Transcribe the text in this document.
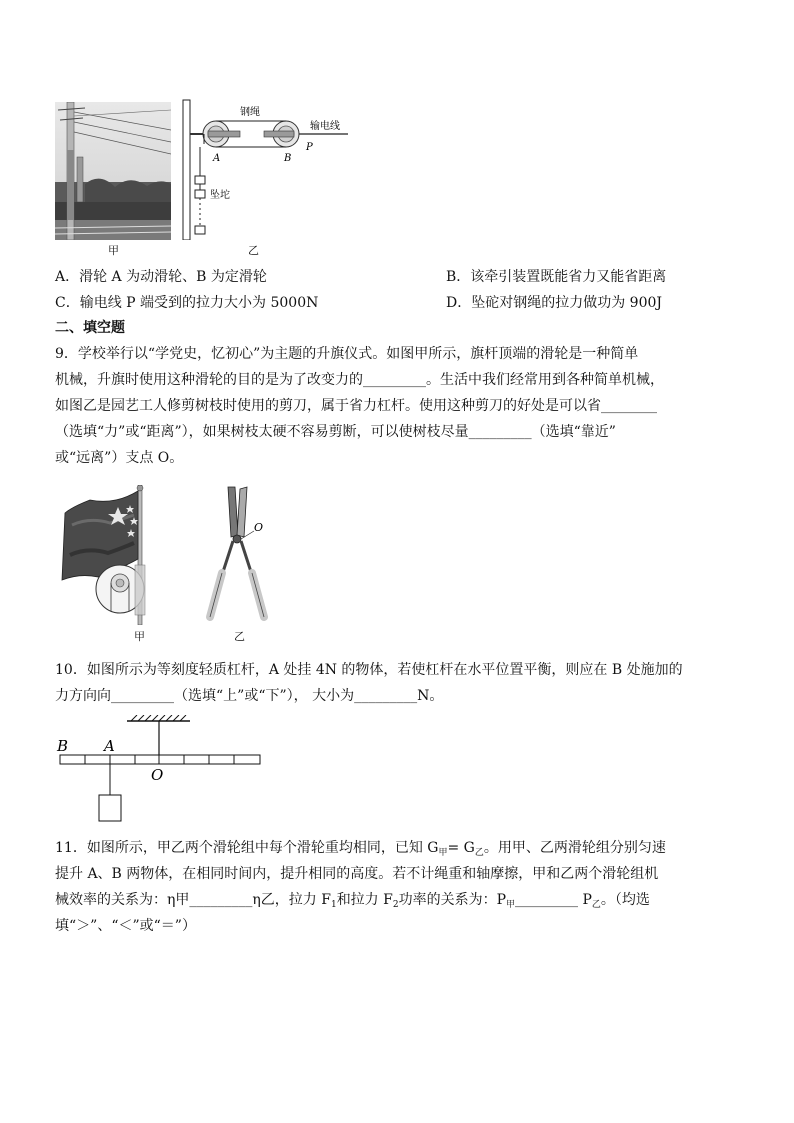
甲
钢绳
输电线
A	B
P
坠坨
乙
A．滑轮 A 为动滑轮、B 为定滑轮	B．该牵引装置既能省力又能省距离
C．输电线 P 端受到的拉力大小为 5000N	D．坠砣对钢绳的拉力做功为 900J
二、填空题
9．学校举行以“学党史，忆初心”为主题的升旗仪式。如图甲所示，旗杆顶端的滑轮是一种简单
机械，升旗时使用这种滑轮的目的是为了改变力的_________。生活中我们经常用到各种简单机械，
如图乙是园艺工人修剪树枝时使用的剪刀，属于省力杠杆。使用这种剪刀的好处是可以省________
（选填“力”或“距离”），如果树枝太硬不容易剪断，可以使树枝尽量_________（选填“靠近”
或“远离”）支点 O。
甲
O
乙
10．如图所示为等刻度轻质杠杆，A 处挂 4N 的物体，若使杠杆在水平位置平衡，则应在 B 处施加的
力方向向_________（选填“上”或“下”）， 大小为_________N。
B A
O
11．如图所示，甲乙两个滑轮组中每个滑轮重均相同，已知 $G_甲= G_乙$。用甲、乙两滑轮组分别匀速
提升 A、B 两物体，在相同时间内，提升相同的高度。若不计绳重和轴摩擦，甲和乙两个滑轮组机
械效率的关系为：η甲_________η乙，拉力 $F_1$和拉力 $F_2$功率的关系为：$P_甲\_\_\_\_\_\_\_\_\_$ $P_乙$。（均选
填“＞”、“＜”或“＝”）
